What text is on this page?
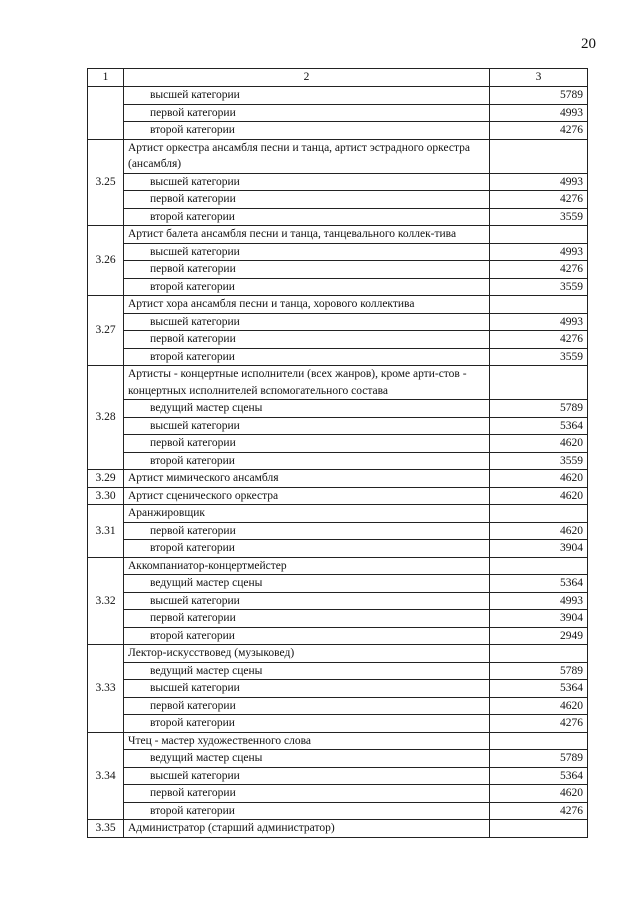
20
1	2	3
	высшей категории	5789
	первой категории	4993
	второй категории	4276
3.25	Артист оркестра ансамбля песни и танца, артист эстрадного оркестра (ансамбля)	
	высшей категории	4993
	первой категории	4276
	второй категории	3559
3.26	Артист балета ансамбля песни и танца, танцевального коллек-тива	
	высшей категории	4993
	первой категории	4276
	второй категории	3559
3.27	Артист хора ансамбля песни и танца, хорового коллектива	
	высшей категории	4993
	первой категории	4276
	второй категории	3559
3.28	Артисты - концертные исполнители (всех жанров), кроме арти-стов - концертных исполнителей вспомогательного состава	
	ведущий мастер сцены	5789
	высшей категории	5364
	первой категории	4620
	второй категории	3559
3.29	Артист мимического ансамбля	4620
3.30	Артист сценического оркестра	4620
3.31	Аранжировщик	
	первой категории	4620
	второй категории	3904
3.32	Аккомпаниатор-концертмейстер	
	ведущий мастер сцены	5364
	высшей категории	4993
	первой категории	3904
	второй категории	2949
3.33	Лектор-искусствовед (музыковед)	
	ведущий мастер сцены	5789
	высшей категории	5364
	первой категории	4620
	второй категории	4276
3.34	Чтец - мастер художественного слова	
	ведущий мастер сцены	5789
	высшей категории	5364
	первой категории	4620
	второй категории	4276
3.35	Администратор (старший администратор)	
